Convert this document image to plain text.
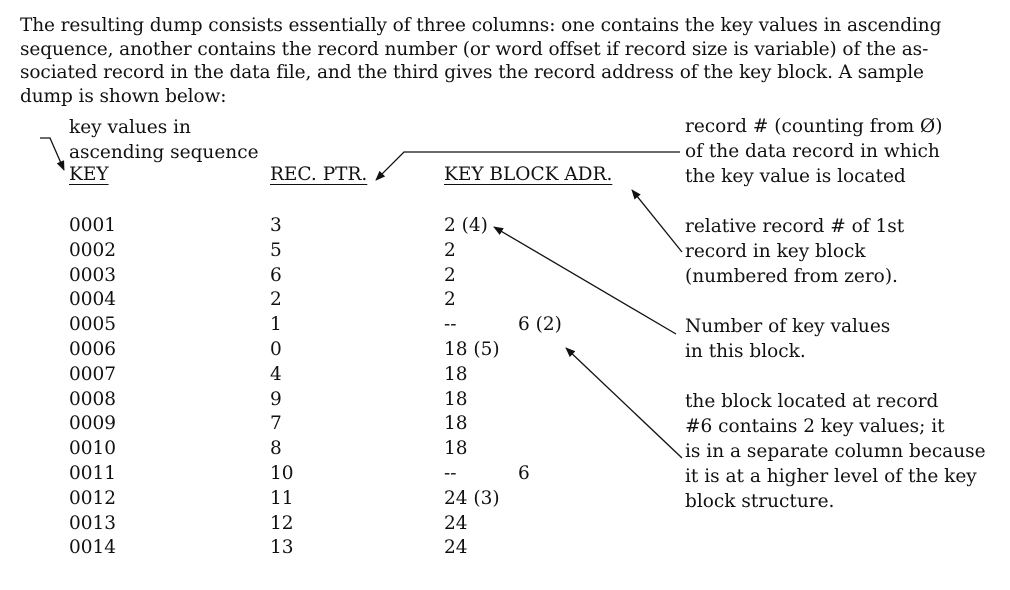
The resulting dump consists essentially of three columns: one contains the key values in ascending
sequence, another contains the record number (or word offset if record size is variable) of the as-
sociated record in the data file, and the third gives the record address of the key block. A sample
dump is shown below:
key values in
ascending sequence
record # (counting from Ø)
of the data record in which
the key value is located
relative record # of 1st
record in key block
(numbered from zero).
Number of key values
in this block.
the block located at record
#6 contains 2 key values; it
is in a separate column because
it is at a higher level of the key
block structure.
KEY	REC. PTR.	KEY BLOCK ADR.
0001
0002
0003
0004
0005
0006
0007
0008
0009
0010
0011
0012
0013
0014
3
5
6
2
1
0
4
9
7
8
10
11
12
13
2 (4)
2
2
2
--
18 (5)
18
18
18
18
--
24 (3)
24
24
6 (2)
6
